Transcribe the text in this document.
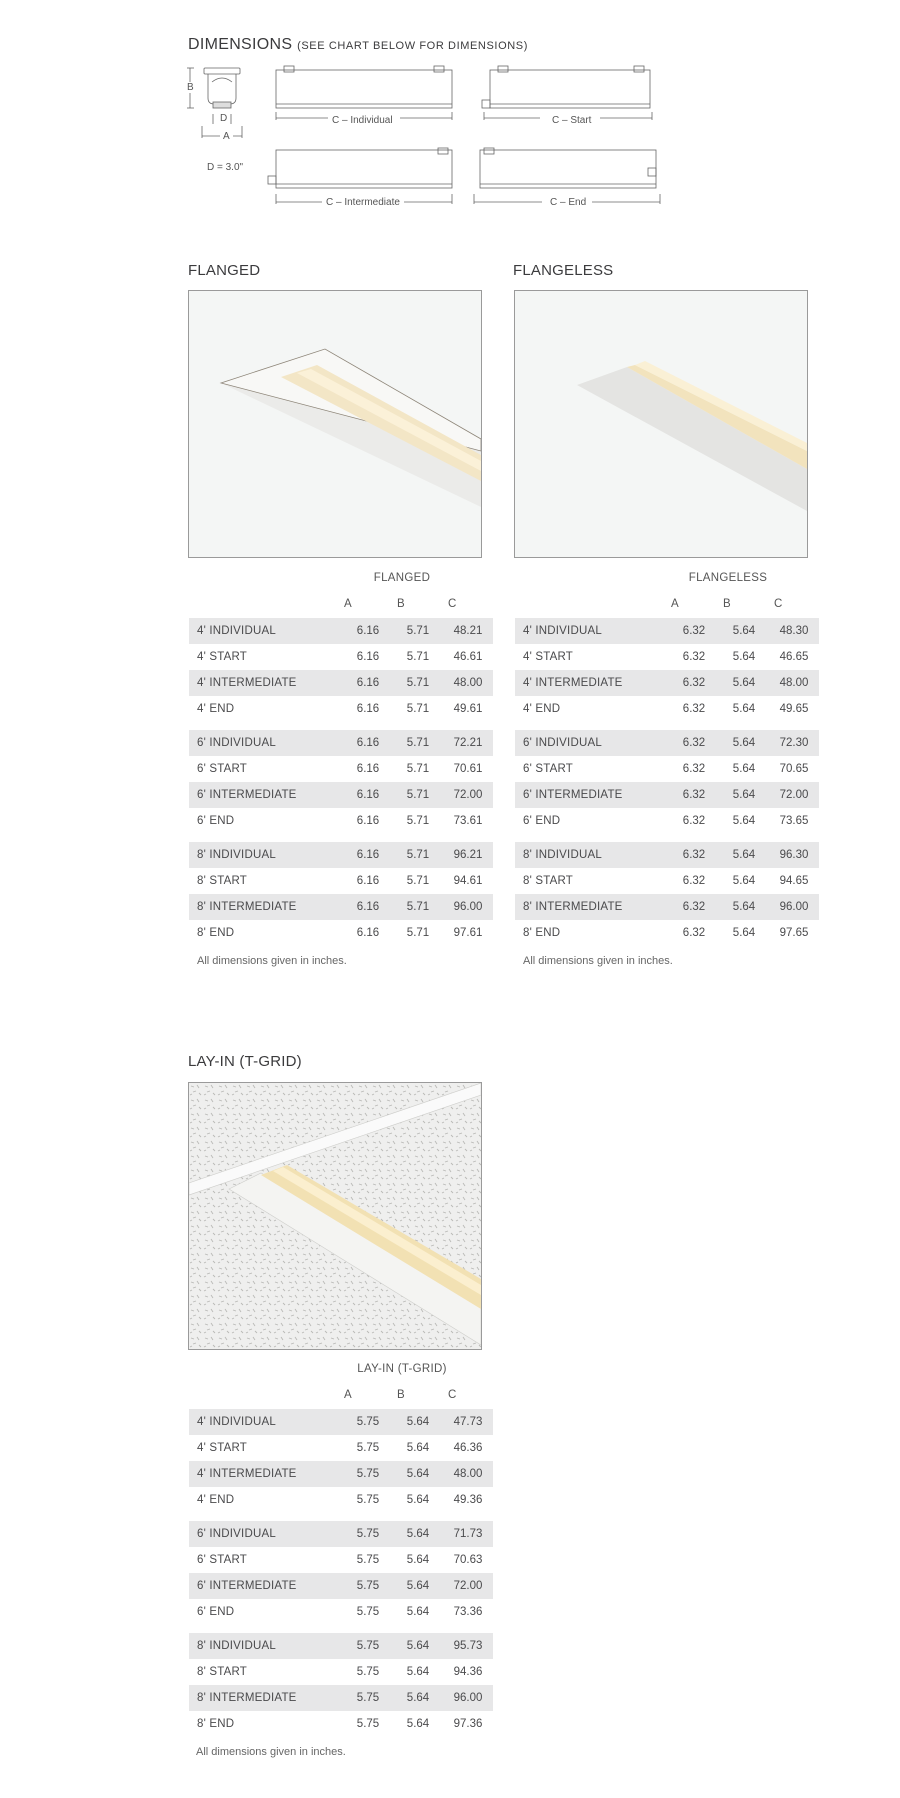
DIMENSIONS (SEE CHART BELOW FOR DIMENSIONS)
B
D
A
D = 3.0"
C – Individual	C – Start
C – Intermediate	C – End
FLANGED	FLANGELESS
FLANGED
A	B	C
4' INDIVIDUAL	6.16	5.71	48.21
4' START	6.16	5.71	46.61
4' INTERMEDIATE	6.16	5.71	48.00
4' END	6.16	5.71	49.61

6' INDIVIDUAL	6.16	5.71	72.21
6' START	6.16	5.71	70.61
6' INTERMEDIATE	6.16	5.71	72.00
6' END	6.16	5.71	73.61

8' INDIVIDUAL	6.16	5.71	96.21
8' START	6.16	5.71	94.61
8' INTERMEDIATE	6.16	5.71	96.00
8' END	6.16	5.71	97.61
All dimensions given in inches.
FLANGELESS
A	B	C
4' INDIVIDUAL	6.32	5.64	48.30
4' START	6.32	5.64	46.65
4' INTERMEDIATE	6.32	5.64	48.00
4' END	6.32	5.64	49.65

6' INDIVIDUAL	6.32	5.64	72.30
6' START	6.32	5.64	70.65
6' INTERMEDIATE	6.32	5.64	72.00
6' END	6.32	5.64	73.65

8' INDIVIDUAL	6.32	5.64	96.30
8' START	6.32	5.64	94.65
8' INTERMEDIATE	6.32	5.64	96.00
8' END	6.32	5.64	97.65
All dimensions given in inches.
LAY-IN (T-GRID)
LAY-IN (T-GRID)
A	B	C
4' INDIVIDUAL	5.75	5.64	47.73
4' START	5.75	5.64	46.36
4' INTERMEDIATE	5.75	5.64	48.00
4' END	5.75	5.64	49.36

6' INDIVIDUAL	5.75	5.64	71.73
6' START	5.75	5.64	70.63
6' INTERMEDIATE	5.75	5.64	72.00
6' END	5.75	5.64	73.36

8' INDIVIDUAL	5.75	5.64	95.73
8' START	5.75	5.64	94.36
8' INTERMEDIATE	5.75	5.64	96.00
8' END	5.75	5.64	97.36
All dimensions given in inches.
